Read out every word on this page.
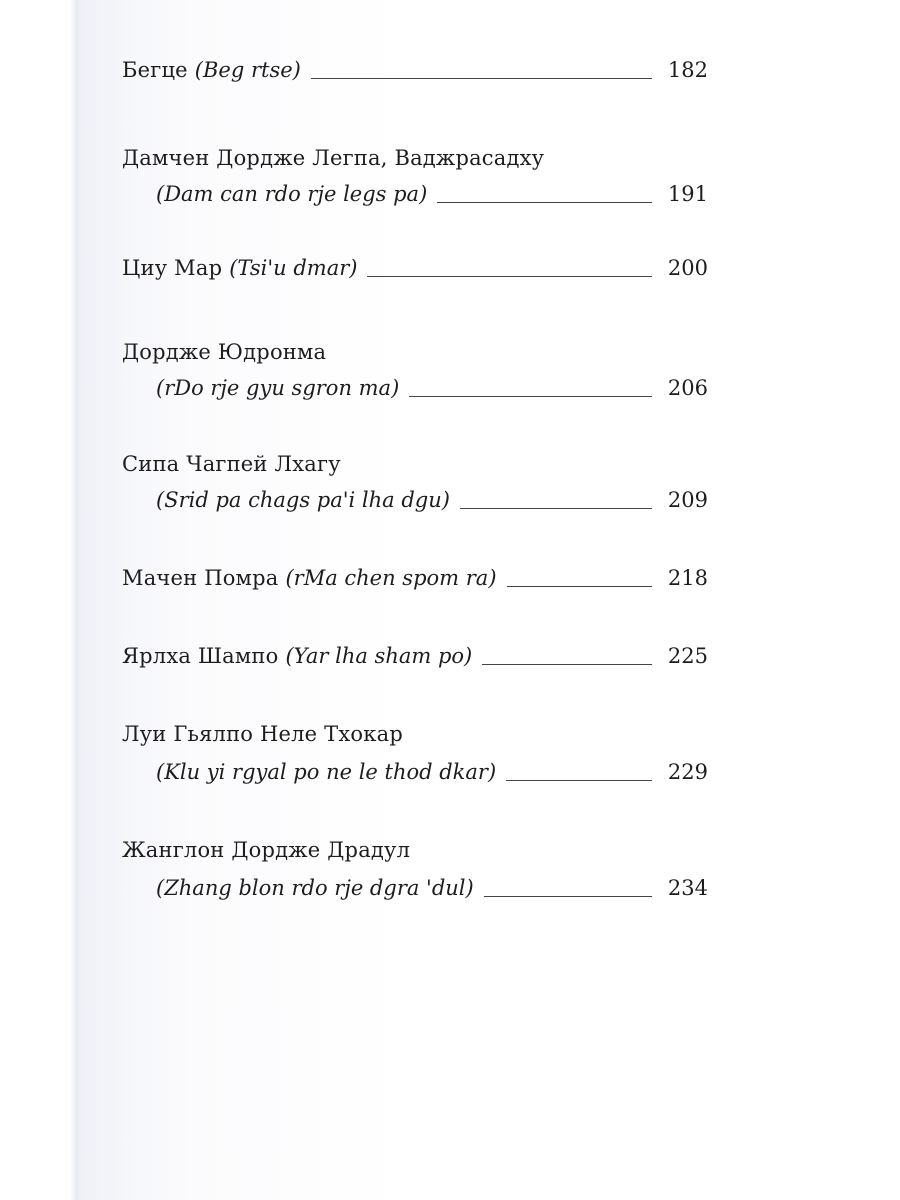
Бегце (Beg rtse)	182
Дамчен Дордже Легпа, Ваджрасадху
(Dam can rdo rje legs pa)	191
Циу Мар (Tsi'u dmar)	200
Дордже Юдронма
(rDo rje gyu sgron ma)	206
Сипа Чагпей Лхагу
(Srid pa chags pa'i lha dgu)	209
Мачен Помра (rMa chen spom ra)	218
Ярлха Шампо (Yar lha sham po)	225
Луи Гьялпо Неле Тхокар
(Klu yi rgyal po ne le thod dkar)	229
Жанглон Дордже Драдул
(Zhang blon rdo rje dgra 'dul)	234
